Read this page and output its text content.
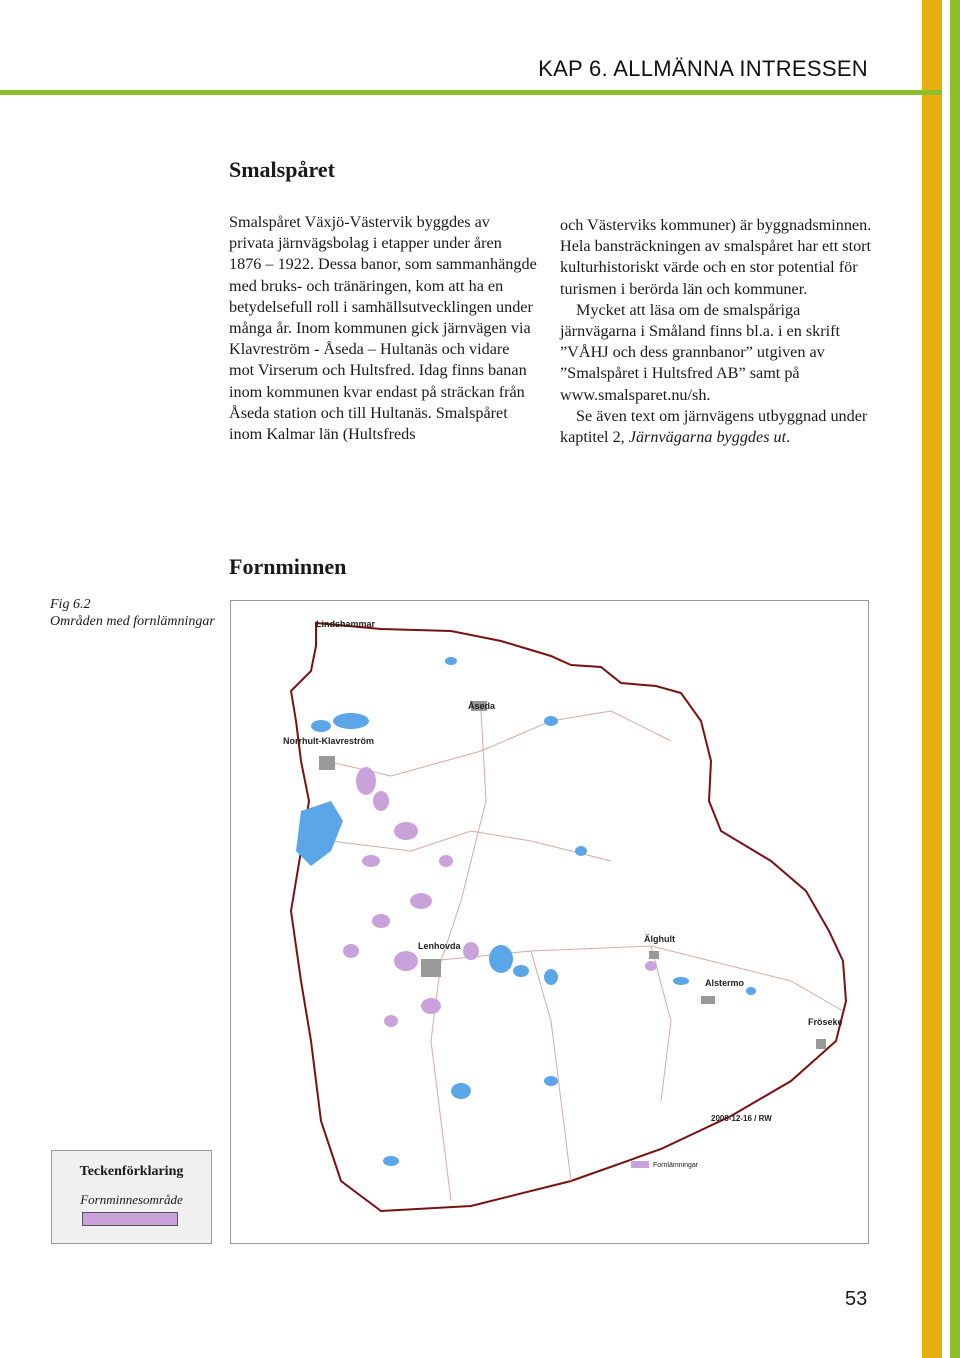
KAP 6. ALLMÄNNA INTRESSEN
Smalspåret

Smalspåret Växjö-Västervik byggdes av privata järnvägsbolag i etapper under åren 1876 – 1922. Dessa banor, som sammanhängde med bruks- och tränäringen, kom att ha en betydelsefull roll i samhällsutvecklingen under många år. Inom kommunen gick järnvägen via Klavreström - Åseda – Hultanäs och vidare mot Virserum och Hultsfred. Idag finns banan inom kommunen kvar endast på sträckan från Åseda station och till Hultanäs. Smalspåret inom Kalmar län (Hultsfreds

och Västerviks kommuner) är byggnadsminnen. Hela bansträckningen av smalspåret har ett stort kulturhistoriskt värde och en stor potential för turismen i berörda län och kommuner.

Mycket att läsa om de smalspåriga järnvägarna i Småland finns bl.a. i en skrift ”VÅHJ och dess grannbanor” utgiven av ”Smalspåret i Hultsfred AB” samt på www.smalsparet.nu/sh.

Se även text om järnvägens utbyggnad under kaptitel 2, Järnvägarna byggdes ut.

Fornminnen
Fig 6.2
Områden med fornlämningar	Lindshammar
Åseda
Norrhult-Klavreström
Lenhovda
Älghult
Alstermo
Fröseke
2009-12-16 / RW
Fornlämningar
Teckenförklaring
Fornminnesområde
53
